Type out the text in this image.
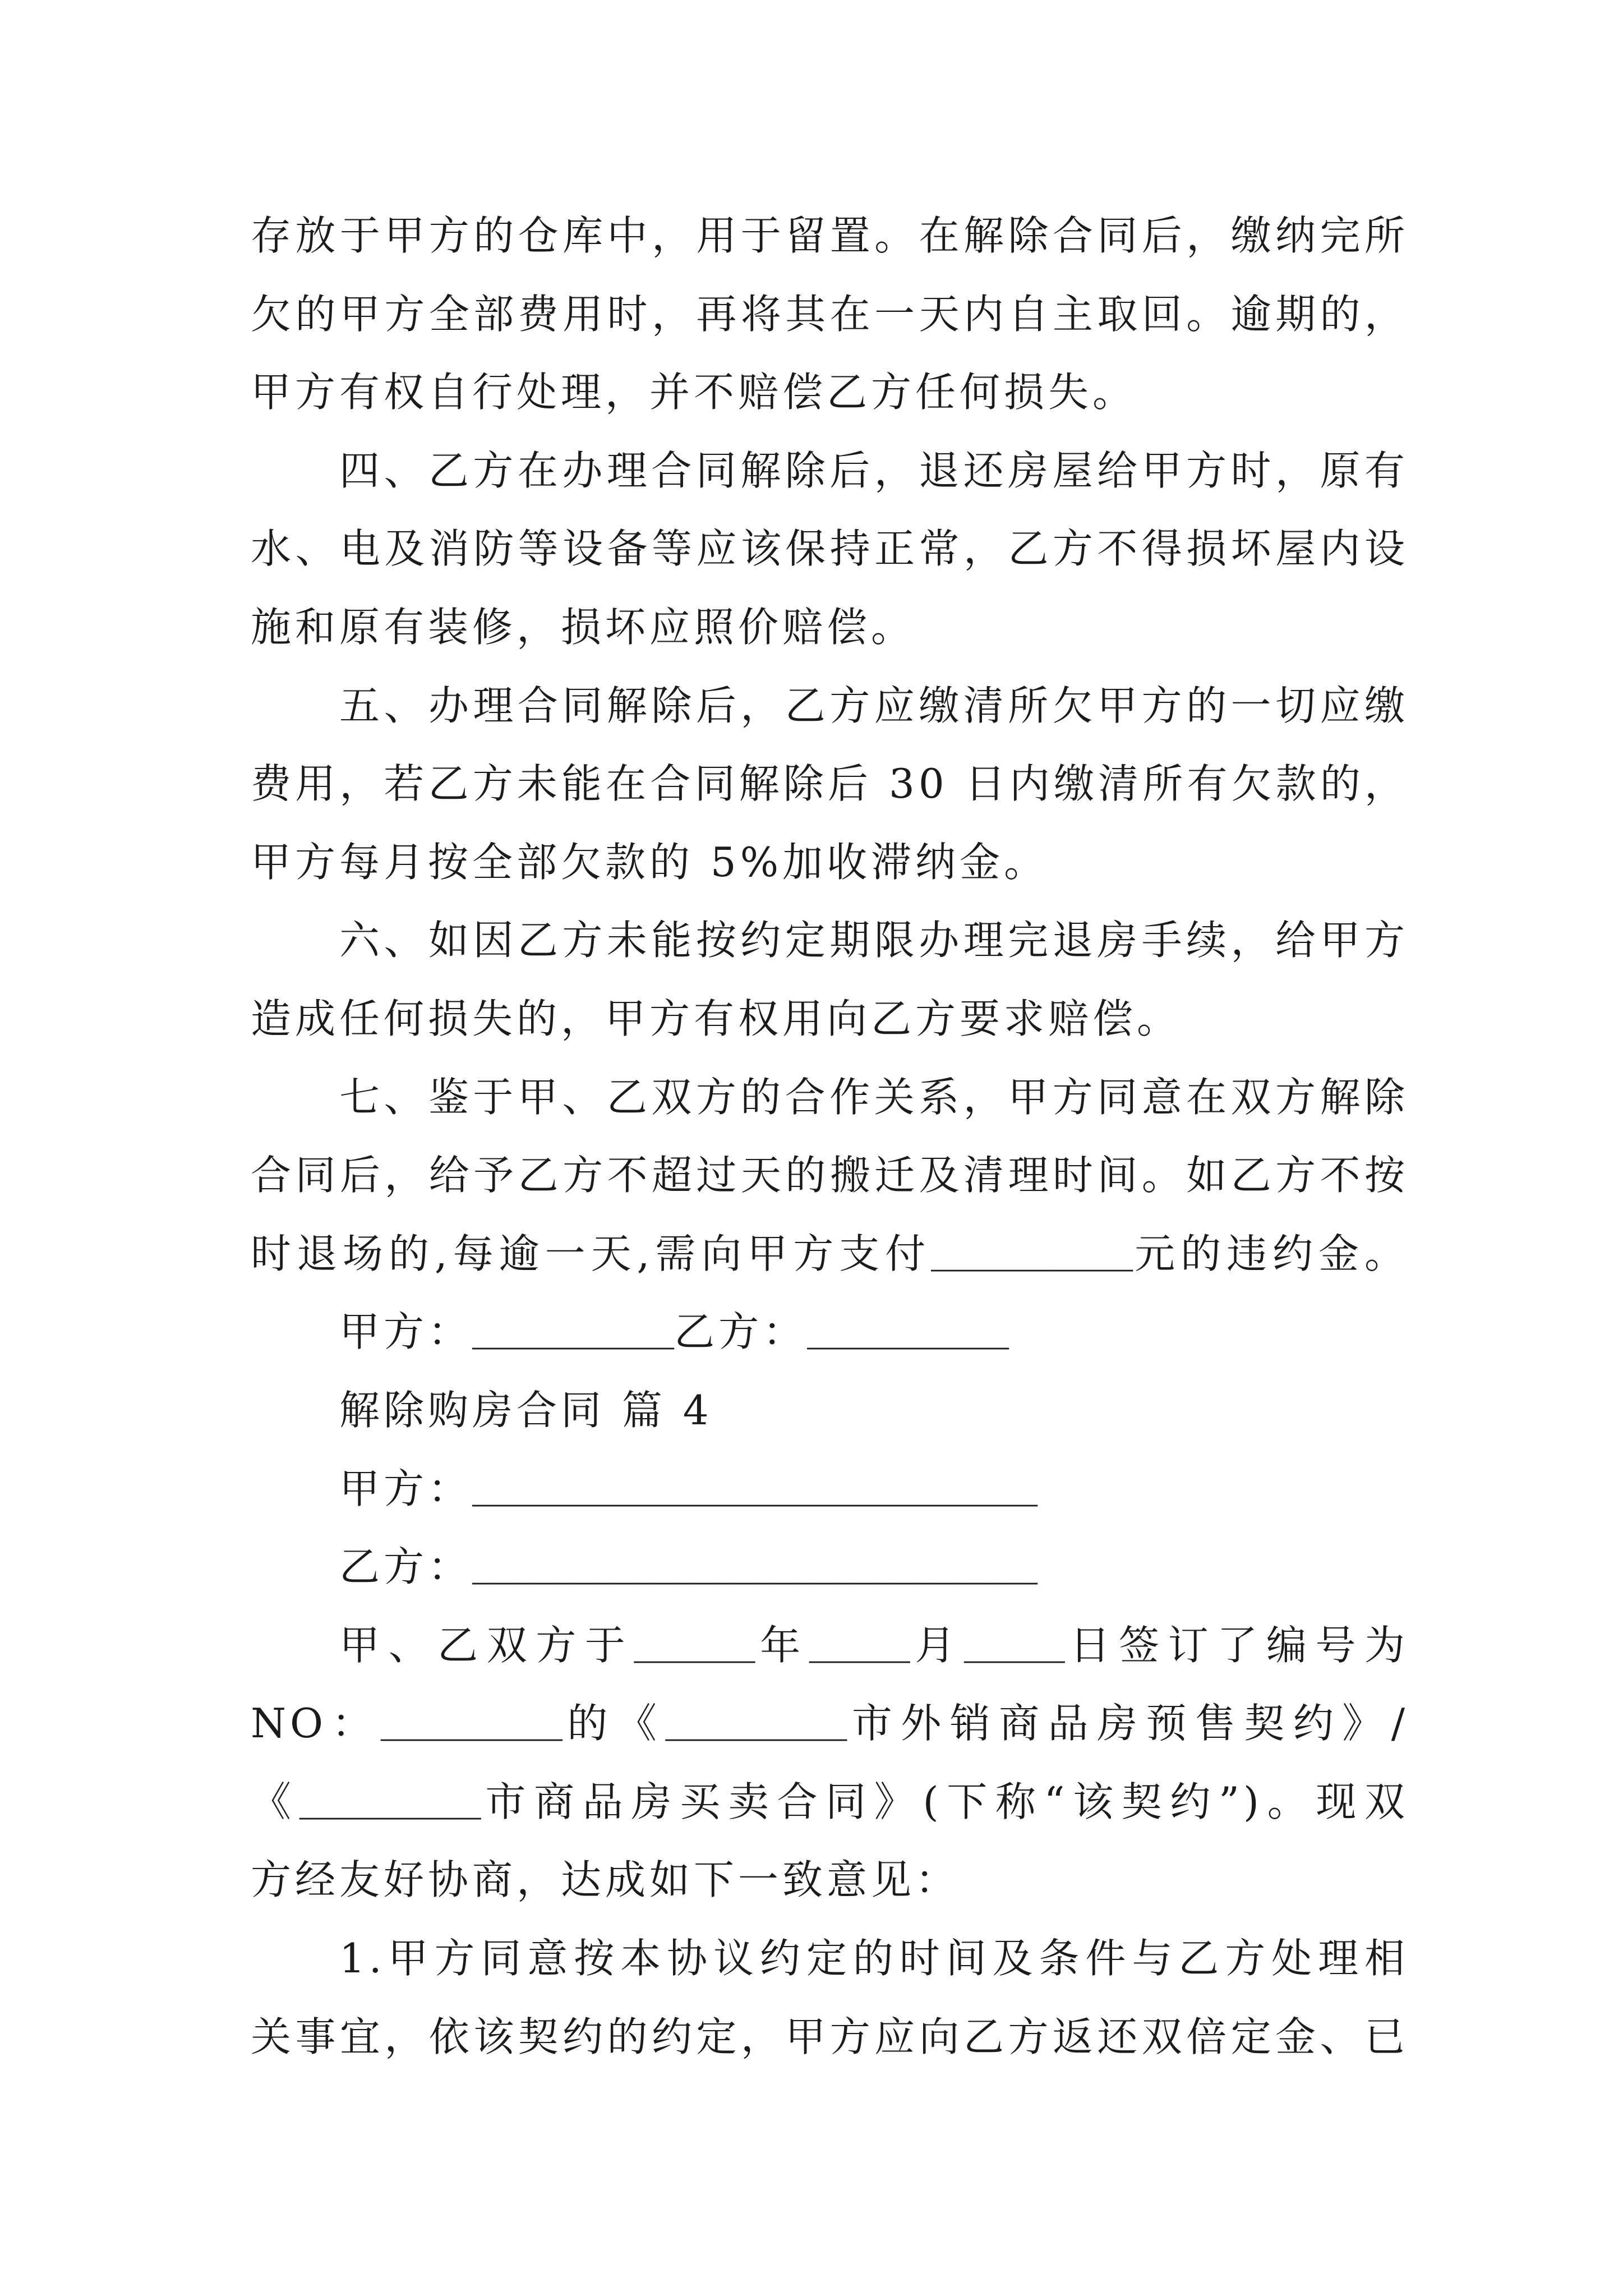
存放于甲方的仓库中，用于留置。在解除合同后，缴纳完所
欠的甲方全部费用时，再将其在一天内自主取回。逾期的，
甲方有权自行处理，并不赔偿乙方任何损失。
四、乙方在办理合同解除后，退还房屋给甲方时，原有
水、电及消防等设备等应该保持正常，乙方不得损坏屋内设
施和原有装修，损坏应照价赔偿。
五、办理合同解除后，乙方应缴清所欠甲方的一切应缴
费用，若乙方未能在合同解除后 30 日内缴清所有欠款的，
甲方每月按全部欠款的 5%加收滞纳金。
六、如因乙方未能按约定期限办理完退房手续，给甲方
造成任何损失的，甲方有权用向乙方要求赔偿。
七、鉴于甲、乙双方的合作关系，甲方同意在双方解除
合同后，给予乙方不超过天的搬迁及清理时间。如乙方不按
时退场的,每逾一天,需向甲方支付__________元的违约金。
甲方：__________乙方：__________
解除购房合同 篇 4
甲方：____________________________
乙方：____________________________
甲、乙双方于______年_____月_____日签订了编号为
NO：_________的《_________市外销商品房预售契约》/
《_________市商品房买卖合同》(下称“该契约”)。现双
方经友好协商，达成如下一致意见：
1.甲方同意按本协议约定的时间及条件与乙方处理相
关事宜，依该契约的约定，甲方应向乙方返还双倍定金、已
